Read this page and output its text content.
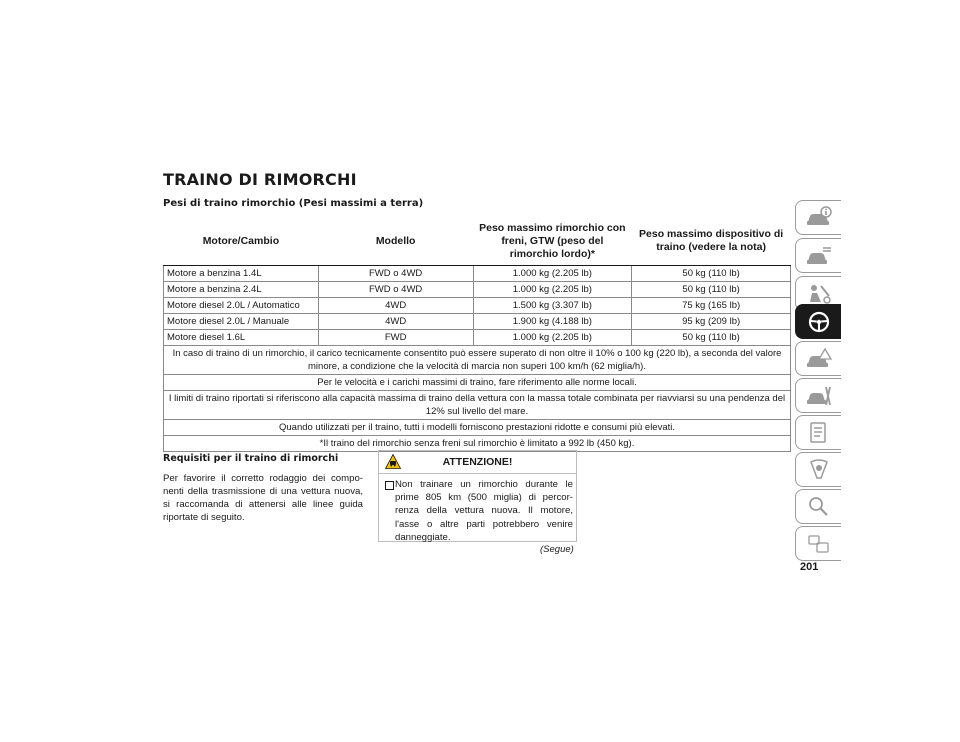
TRAINO DI RIMORCHI
Pesi di traino rimorchio (Pesi massimi a terra)
Motore/Cambio	Modello	Peso massimo rimorchio con freni, GTW (peso del rimorchio lordo)*	Peso massimo dispositivo di traino (vedere la nota)
Motore a benzina 1.4L	FWD o 4WD	1.000 kg (2.205 lb)	50 kg (110 lb)
Motore a benzina 2.4L	FWD o 4WD	1.000 kg (2.205 lb)	50 kg (110 lb)
Motore diesel 2.0L / Automatico	4WD	1.500 kg (3.307 lb)	75 kg (165 lb)
Motore diesel 2.0L / Manuale	4WD	1.900 kg (4.188 lb)	95 kg (209 lb)
Motore diesel 1.6L	FWD	1.000 kg (2.205 lb)	50 kg (110 lb)
In caso di traino di un rimorchio, il carico tecnicamente consentito può essere superato di non oltre il 10% o 100 kg (220 lb), a seconda del valore minore, a condizione che la velocità di marcia non superi 100 km/h (62 miglia/h).			
Per le velocità e i carichi massimi di traino, fare riferimento alle norme locali.			
I limiti di traino riportati si riferiscono alla capacità massima di traino della vettura con la massa totale combinata per riavviarsi su una pendenza del 12% sul livello del mare.			
Quando utilizzati per il traino, tutti i modelli forniscono prestazioni ridotte e consumi più elevati.			
*Il traino del rimorchio senza freni sul rimorchio è limitato a 992 lb (450 kg).			
Requisiti per il traino di rimorchi

Per favorire il corretto rodaggio dei compo-nenti della trasmissione di una vettura nuova, si raccomanda di attenersi alle linee guida riportate di seguito.

ATTENZIONE!
Non trainare un rimorchio durante le prime 805 km (500 miglia) di percor-renza della vettura nuova. Il motore, l'asse o altre parti potrebbero venire danneggiate.
(Segue)
201
